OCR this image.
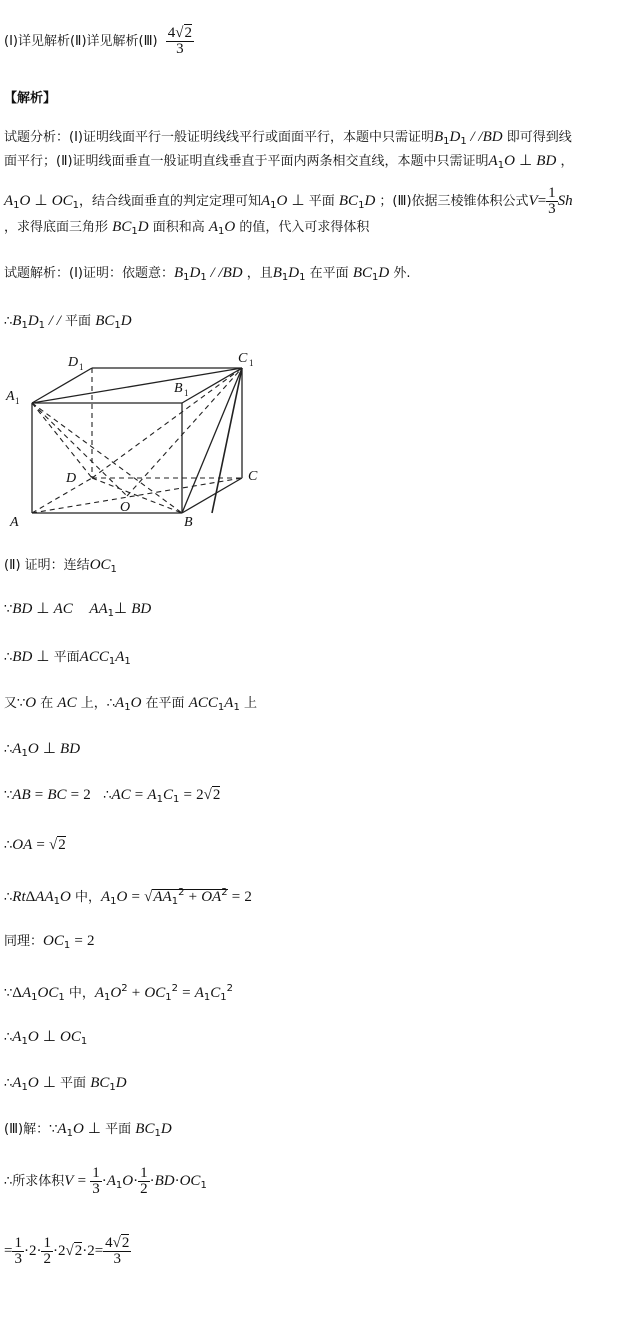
(Ⅰ)详见解析(Ⅱ)详见解析(Ⅲ) $\frac{4√2}{3}$
【解析】
试题分析：(Ⅰ)证明线面平行一般证明线线平行或面面平行，本题中只需证明$B_1D_1 / /BD$ 即可得到线
面平行；(Ⅱ)证明线面垂直一般证明直线垂直于平面内两条相交直线，本题中只需证明$A_1O$ ⊥ BD ，
$A_1O$ ⊥ $OC_1$，结合线面垂直的判定定理可知$A_1O$ ⊥ 平面 $BC_1D$ ；(Ⅲ)依据三棱锥体积公式$V= \frac{1}{3}$ Sh
，求得底面三角形 $BC_1D$ 面积和高 $A_1O$ 的值，代入可求得体积
试题解析：(Ⅰ)证明：依题意：$B_1D_1 / /BD$ ，且$B_1D_1$ 在平面 $BC_1D$ 外.
$\therefore B_1D_1$ / / 平面 $BC_1D$
D 1
C 1
A 1
B 1
D	C
O
A	B
(Ⅱ) 证明：连结$OC_1$
∵BD ⊥ AC $AA_1\perp$ BD
∴BD ⊥ 平面$ACC_1A_1$
又∵O 在 AC 上，$\therefore A_1O$ 在平面 $ACC_1A_1$ 上
$\therefore A_1O$ ⊥ BD
∵AB = BC = 2 ∴AC = $A_1C_1 = 2√2$
∴OA = √2
∴RtΔAA$_1$O 中，$A_1O = √AA_1^2 + OA^2 = 2$
同理：$OC_1 = 2$
$\because\Delta A_1OC_1$ 中，$A_1O^2 + OC_1^2 = A_1C_1^2$
$\therefore A_1O$ ⊥ $OC_1$
$\therefore A_1O$ ⊥ 平面 $BC_1D$
(Ⅲ)解：$\because A_1O$ ⊥ 平面 $BC_1D$
∴所求体积$V = \frac{1}{3} \cdot A_1O\cdot \frac{1}{2} \cdot BD\cdot OC_1$
= $\frac{1}{3} \cdot 2\cdot \frac{1}{2} \cdot 2√2\cdot 2= \frac{4√2}{3}$
